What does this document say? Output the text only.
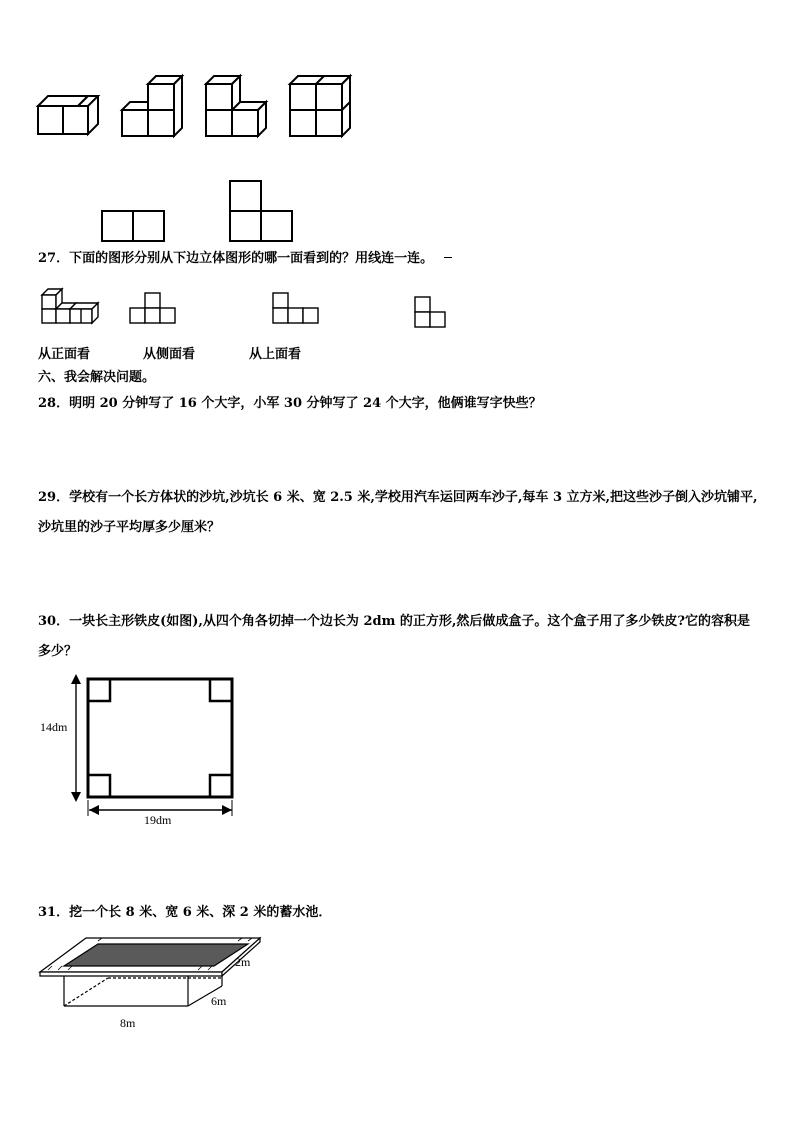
27．下面的图形分别从下边立体图形的哪一面看到的？用线连一连。
从正面看	从侧面看	从上面看
六、我会解决问题。
28．明明 20 分钟写了 16 个大字，小军 30 分钟写了 24 个大字，他俩谁写字快些？
29．学校有一个长方体状的沙坑,沙坑长 6 米、宽 2.5 米,学校用汽车运回两车沙子,每车 3 立方米,把这些沙子倒入沙坑铺平,沙坑里的沙子平均厚多少厘米？
30．一块长主形铁皮(如图),从四个角各切掉一个边长为 2dm 的正方形,然后做成盒子。这个盒子用了多少铁皮?它的容积是多少？
14dm
19dm
31．挖一个长 8 米、宽 6 米、深 2 米的蓄水池．
2m
6m
8m
